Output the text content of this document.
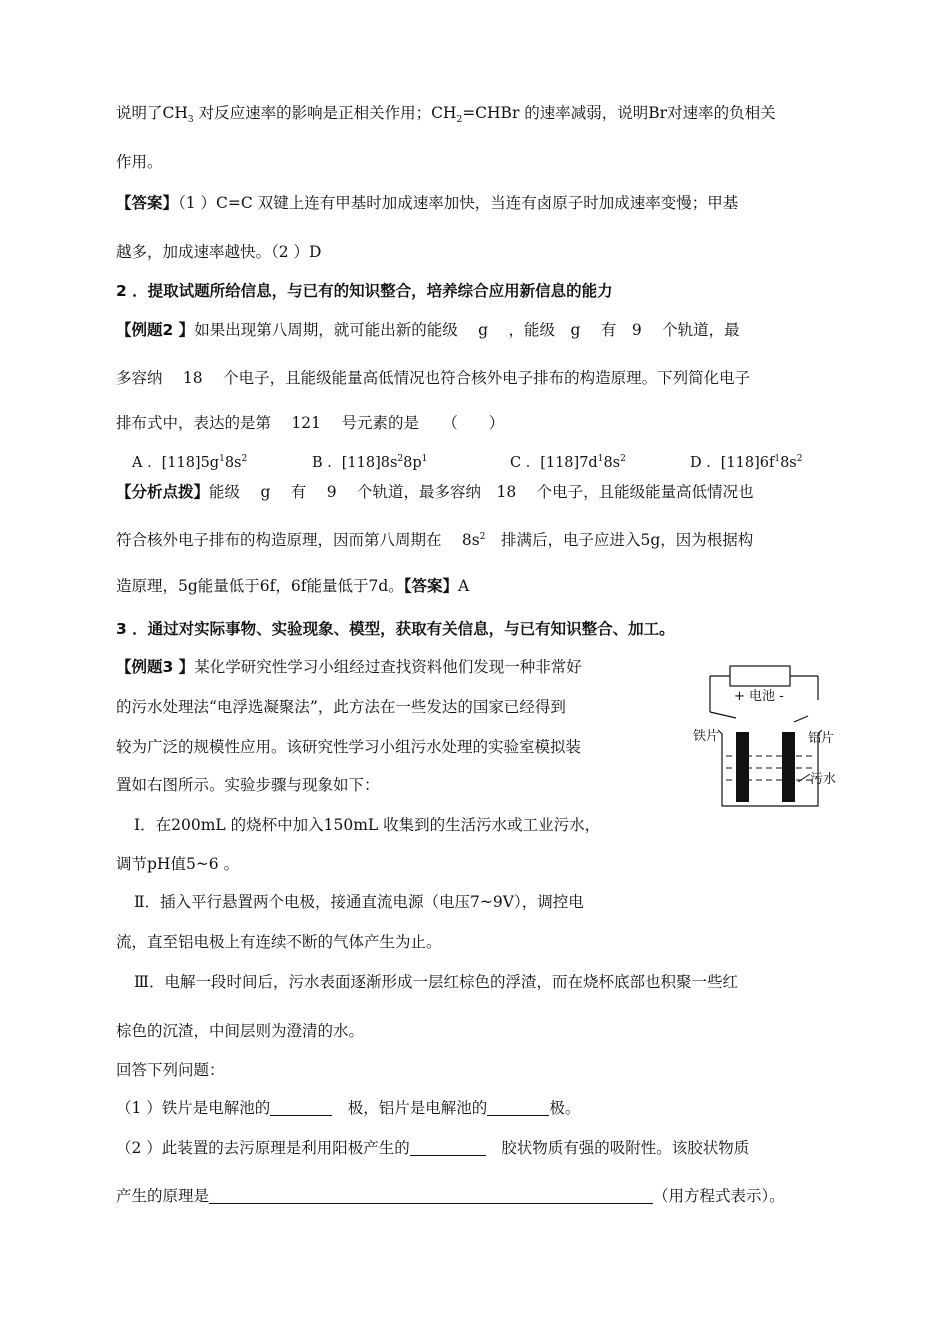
说明了$CH_3$ 对反应速率的影响是正相关作用；$CH_2=CHBr$ 的速率减弱，说明Br对速率的负相关
作用。
【答案】（1 ）C=C 双键上连有甲基时加成速率加快，当连有卤原子时加成速率变慢；甲基
越多，加成速率越快。（2 ）D
2 ．提取试题所给信息，与已有的知识整合，培养综合应用新信息的能力
【例题2 】如果出现第八周期，就可能出新的能级　 g　 ，能级　g　 有　9　 个轨道，最
多容纳　 18　 个电子，且能级能量高低情况也符合核外电子排布的构造原理。下列简化电子
排布式中，表达的是第　 121　 号元素的是　　（　　）
A ．$[118]5g^18s^2$	B ．$[118]8s^28p^1$	C ．$[118]7d^18s^2$	D ．$[118]6f^18s^2$
【分析点拨】能级　 g　 有　 9　 个轨道，最多容纳　18　 个电子，且能级能量高低情况也
符合核外电子排布的构造原理，因而第八周期在　 $8s^2$　排满后，电子应进入5g，因为根据构
造原理，5g能量低于6f，6f能量低于7d。【答案】A
3 ．通过对实际事物、实验现象、模型，获取有关信息，与已有知识整合、加工。
【例题3 】某化学研究性学习小组经过查找资料他们发现一种非常好
的污水处理法“电浮选凝聚法”，此方法在一些发达的国家已经得到
较为广泛的规模性应用。该研究性学习小组污水处理的实验室模拟装
置如右图所示。实验步骤与现象如下：
+ 电池 -
铁片	铝片
污水
Ⅰ．在200mL 的烧杯中加入150mL 收集到的生活污水或工业污水，
调节pH值5~6 。
Ⅱ．插入平行悬置两个电极，接通直流电源（电压7~9V），调控电
流，直至铝电极上有连续不断的气体产生为止。
Ⅲ．电解一段时间后，污水表面逐渐形成一层红棕色的浮渣，而在烧杯底部也积聚一些红
棕色的沉渣，中间层则为澄清的水。
回答下列问题：
（1 ）铁片是电解池的	　极，铝片是电解池的	极。
（2 ）此装置的去污原理是利用阳极产生的	　胶状物质有强的吸附性。该胶状物质
产生的原理是	（用方程式表示）。
